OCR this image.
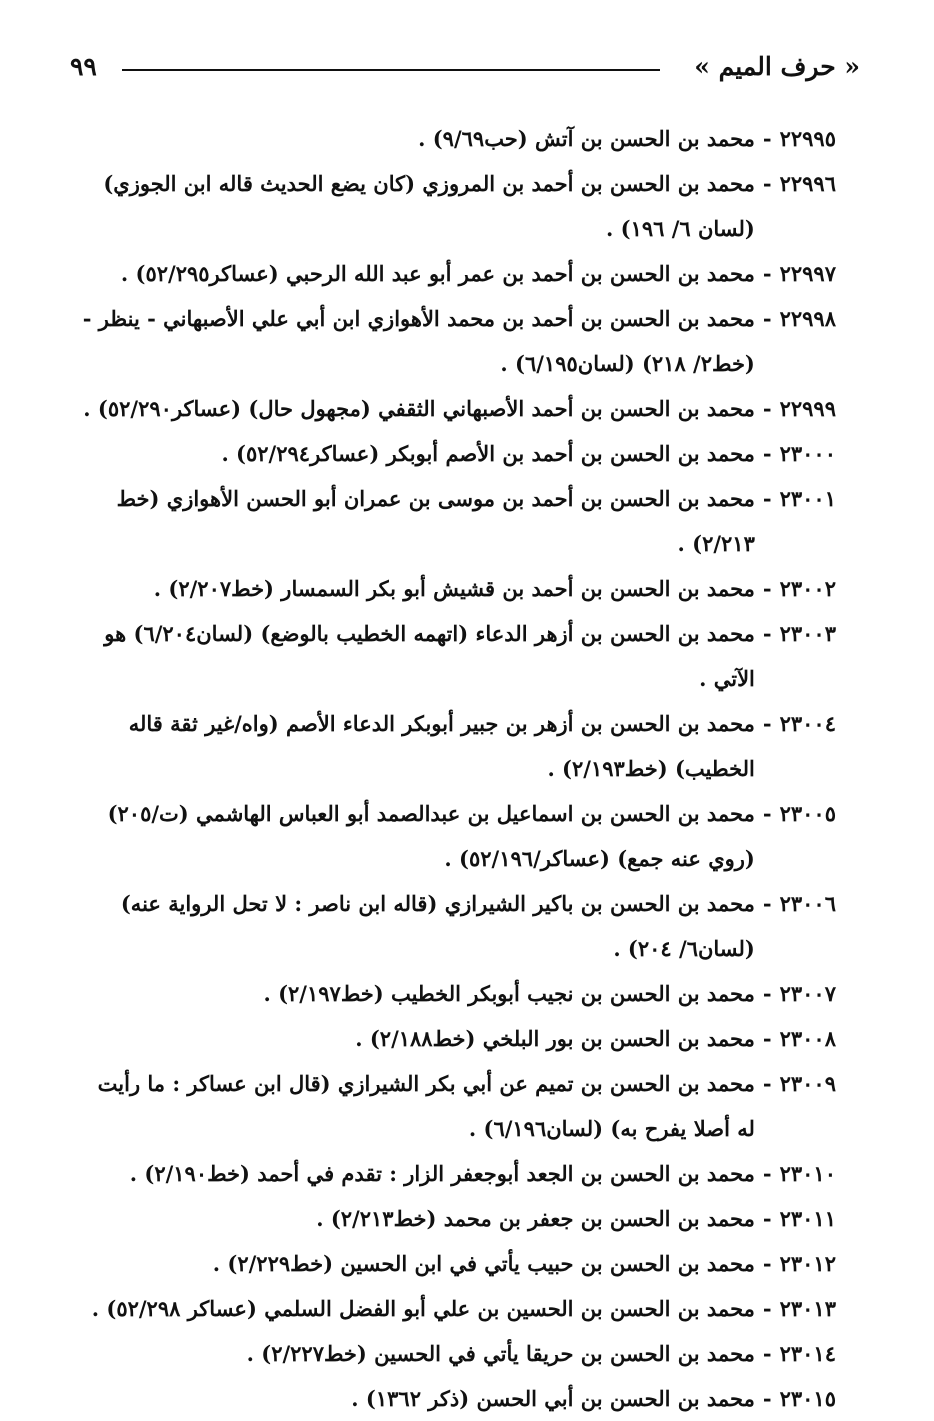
« حرف الميم »
٩٩
٢٢٩٩٥
-
محمد بن الحسن بن آتش (حب٩/٦٩) .
٢٢٩٩٦
-
محمد بن الحسن بن أحمد بن المروزي (كان يضع الحديث قاله ابن الجوزي) (لسان ٦/ ١٩٦) .
٢٢٩٩٧
-
محمد بن الحسن بن أحمد بن عمر أبو عبد الله الرحبي (عساكر٥٢/٢٩٥) .
٢٢٩٩٨
-
محمد بن الحسن بن أحمد بن محمد الأهوازي ابن أبي علي الأصبهاني - ينظر - (خط٢/ ٢١٨) (لسان٦/١٩٥) .
٢٢٩٩٩
-
محمد بن الحسن بن أحمد الأصبهاني الثقفي (مجهول حال) (عساكر٥٢/٢٩٠) .
٢٣٠٠٠
-
محمد بن الحسن بن أحمد بن الأصم أبوبكر (عساكر٥٢/٢٩٤) .
٢٣٠٠١
-
محمد بن الحسن بن أحمد بن موسى بن عمران أبو الحسن الأهوازي (خط ٢/٢١٣) .
٢٣٠٠٢
-
محمد بن الحسن بن أحمد بن قشيش أبو بكر السمسار (خط٢/٢٠٧) .
٢٣٠٠٣
-
محمد بن الحسن بن أزهر الدعاء (اتهمه الخطيب بالوضع) (لسان٦/٢٠٤) هو الآتي .
٢٣٠٠٤
-
محمد بن الحسن بن أزهر بن جبير أبوبكر الدعاء الأصم (واه/غير ثقة قاله الخطيب) (خط٢/١٩٣) .
٢٣٠٠٥
-
محمد بن الحسن بن اسماعيل بن عبدالصمد أبو العباس الهاشمي (ت/٢٠٥) (روي عنه جمع) (عساكر/٥٢/١٩٦) .
٢٣٠٠٦
-
محمد بن الحسن بن باكير الشيرازي (قاله ابن ناصر : لا تحل الرواية عنه) (لسان٦/ ٢٠٤) .
٢٣٠٠٧
-
محمد بن الحسن بن نجيب أبوبكر الخطيب (خط٢/١٩٧) .
٢٣٠٠٨
-
محمد بن الحسن بن بور البلخي (خط٢/١٨٨) .
٢٣٠٠٩
-
محمد بن الحسن بن تميم عن أبي بكر الشيرازي (قال ابن عساكر : ما رأيت له أصلا يفرح به) (لسان٦/١٩٦) .
٢٣٠١٠
-
محمد بن الحسن بن الجعد أبوجعفر الزار : تقدم في أحمد (خط٢/١٩٠) .
٢٣٠١١
-
محمد بن الحسن بن جعفر بن محمد (خط٢/٢١٣) .
٢٣٠١٢
-
محمد بن الحسن بن حبيب يأتي في ابن الحسين (خط٢/٢٢٩) .
٢٣٠١٣
-
محمد بن الحسن بن الحسين بن علي أبو الفضل السلمي (عساكر ٥٢/٢٩٨) .
٢٣٠١٤
-
محمد بن الحسن بن حريقا يأتي في الحسين (خط٢/٢٢٧) .
٢٣٠١٥
-
محمد بن الحسن بن أبي الحسن (ذكر ١٣٦٢) .
